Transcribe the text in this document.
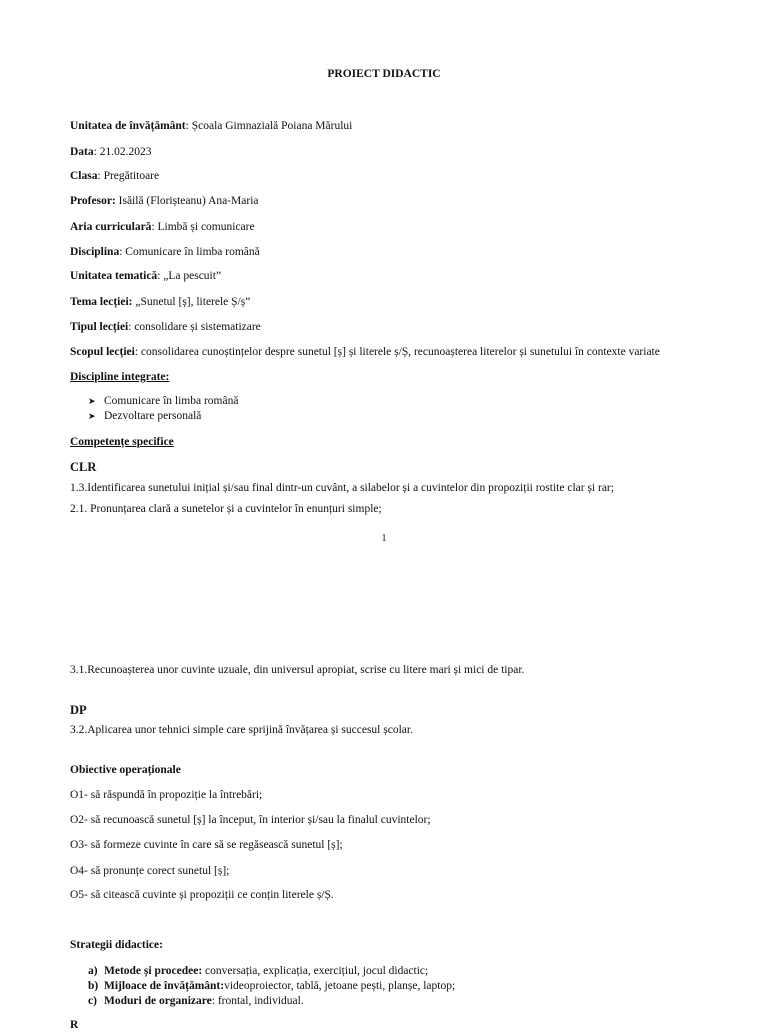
PROIECT DIDACTIC
Unitatea de învățământ: Școala Gimnazială Poiana Mărului
Data: 21.02.2023
Clasa: Pregătitoare
Profesor: Isăilă (Florișteanu) Ana-Maria
Aria curriculară: Limbă și comunicare
Disciplina: Comunicare în limba română
Unitatea tematică: „La pescuit”
Tema lecției: „Sunetul [ș], literele Ș/ș”
Tipul lecției: consolidare și sistematizare
Scopul lecției: consolidarea cunoștințelor despre sunetul [ș] și literele ș/Ș, recunoașterea literelor și sunetului în contexte variate
Discipline integrate:
➤ Comunicare în limba română
➤ Dezvoltare personală
Competențe specifice
CLR
1.3.Identificarea sunetului inițial și/sau final dintr-un cuvânt, a silabelor și a cuvintelor din propoziții rostite clar și rar;
2.1. Pronunțarea clară a sunetelor și a cuvintelor în enunțuri simple;
1
3.1.Recunoașterea unor cuvinte uzuale, din universul apropiat, scrise cu litere mari și mici de tipar.
DP
3.2.Aplicarea unor tehnici simple care sprijină învățarea și succesul școlar.
Obiective operaționale
O1- să răspundă în propoziție la întrebări;
O2- să recunoască sunetul [ș] la început, în interior și/sau la finalul cuvintelor;
O3- să formeze cuvinte în care să se regăsească sunetul [ș];
O4- să pronunțe corect sunetul [ș];
O5- să citească cuvinte și propoziții ce conțin literele ș/Ș.
Strategii didactice:
a) Metode și procedee: conversația, explicația, exercițiul, jocul didactic;
b) Mijloace de învățământ:videoproiector, tablă, jetoane pești, planșe, laptop;
c) Moduri de organizare: frontal, individual.
R
